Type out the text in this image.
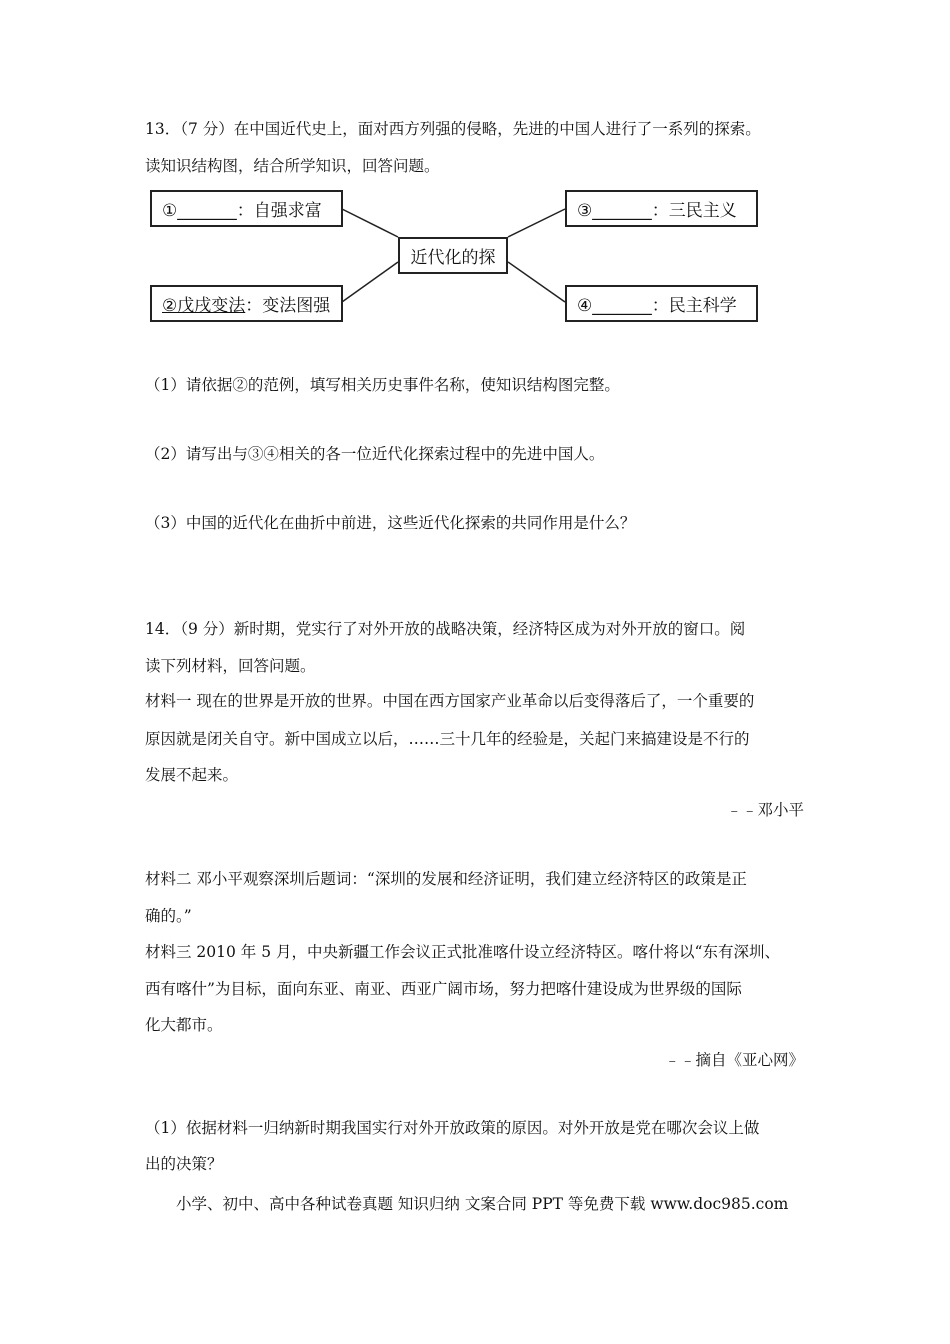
13．（7 分）在中国近代史上，面对西方列强的侵略，先进的中国人进行了一系列的探索。
读知识结构图，结合所学知识，回答问题。
①_______：自强求富
②戊戌变法 ：变法图强
近代化的探
③_______：三民主义
④_______：民主科学
（1）请依据②的范例，填写相关历史事件名称，使知识结构图完整。
（2）请写出与③④相关的各一位近代化探索过程中的先进中国人。
（3）中国的近代化在曲折中前进，这些近代化探索的共同作用是什么？
14．（9 分）新时期，党实行了对外开放的战略决策，经济特区成为对外开放的窗口。阅
读下列材料，回答问题。
材料一 现在的世界是开放的世界。中国在西方国家产业革命以后变得落后了，一个重要的
原因就是闭关自守。新中国成立以后，……三十几年的经验是，关起门来搞建设是不行的
发展不起来。
﹣﹣邓小平
材料二 邓小平观察深圳后题词：“深圳的发展和经济证明，我们建立经济特区的政策是正
确的。”
材料三 2010 年 5 月，中央新疆工作会议正式批准喀什设立经济特区。喀什将以“东有深圳、
西有喀什”为目标，面向东亚、南亚、西亚广阔市场，努力把喀什建设成为世界级的国际
化大都市。
﹣﹣摘自《亚心网》
（1）依据材料一归纳新时期我国实行对外开放政策的原因。对外开放是党在哪次会议上做
出的决策？
小学、初中、高中各种试卷真题 知识归纳 文案合同 PPT 等免费下载 www.doc985.com
